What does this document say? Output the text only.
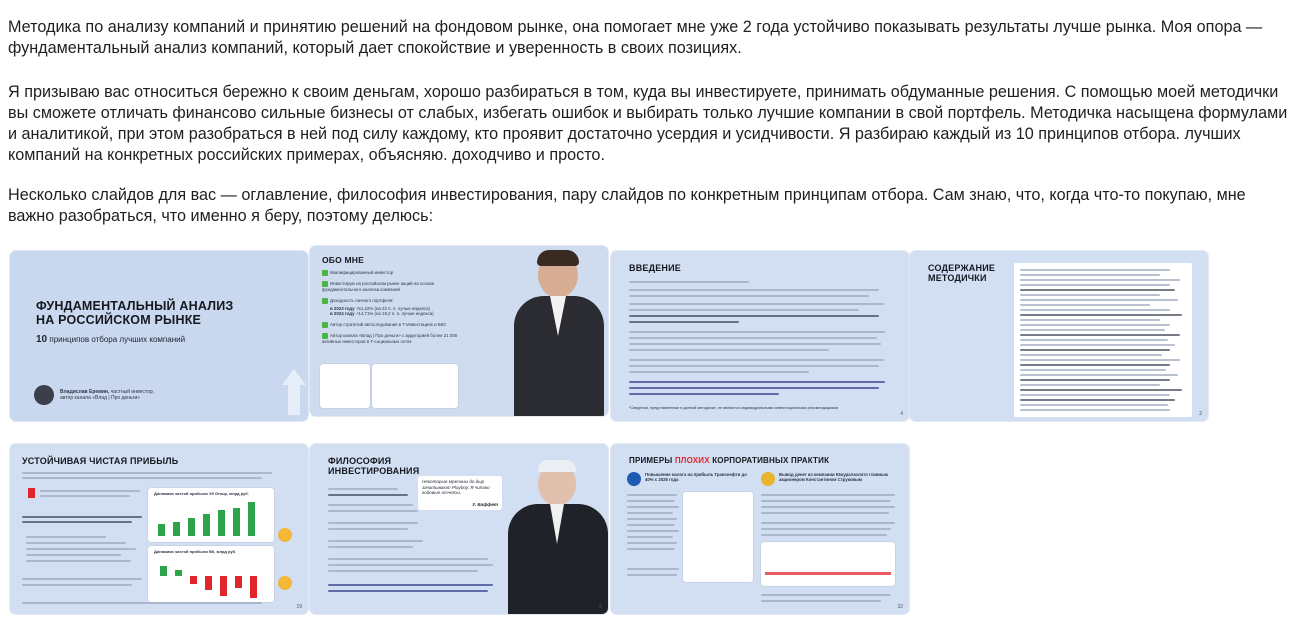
Методика по анализу компаний и принятию решений на фондовом рынке, она помогает мне уже 2 года устойчиво показывать результаты лучше рынка. Моя опора — фундаментальный анализ компаний, который дает спокойствие и уверенность в своих позициях.

Я призываю вас относиться бережно к своим деньгам, хорошо разбираться в том, куда вы инвестируете, принимать обдуманные решения. С помощью моей методички вы сможете отличать финансово сильные бизнесы от слабых, избегать ошибок и выбирать только лучшие компании в свой портфель. Методичка насыщена формулами и аналитикой, при этом разобраться в ней под силу каждому, кто проявит достаточно усердия и усидчивости. Я разбираю каждый из 10 принципов отбора. лучших компаний на конкретных российских примерах, объясняю. доходчиво и просто.

Несколько слайдов для вас — оглавление, философия инвестирования, пару слайдов по конкретным принципам отбора. Сам знаю, что, когда что-то покупаю, мне важно разобраться, что именно я беру, поэтому делюсь:

ФУНДАМЕНТАЛЬНЫЙ АНАЛИЗ
НА РОССИЙСКОМ РЫНКЕ
10 принципов отбора лучших компаний
Владислав Еремин, частный инвестор,
автор канала «Влад | Про деньги»
ОБО МНЕ
Квалифицированный инвестор
Инвестирую на российском рынке акций на основе фундаментального анализа компаний
Доходность личного портфеля:
в 2023 году +51,22% (на 22 п. п. лучше индекса)
в 2024 году +14,71% (на 19,2 п. п. лучше индекса)
Автор стратегий автоследования в Т-Инвестициях и БКС
Автор канала «Влад | Про деньги» с аудиторией более 21 000 активных инвесторов в Т-социальных сетях
ВВЕДЕНИЕ
*Сведения, представленные в данной методичке, не являются индивидуальными инвестиционными рекомендациями
4
СОДЕРЖАНИЕ
МЕТОДИЧКИ
2
УСТОЙЧИВАЯ ЧИСТАЯ ПРИБЫЛЬ
Динамика чистой прибыли X5 Group, млрд руб.
Динамика чистой прибыли ВК, млрд руб.
19
ФИЛОСОФИЯ
ИНВЕСТИРОВАНИЯ
Некоторые мужчины до дыр зачитывают Playboy. Я читаю годовые отчеты.
У. Баффет
6
ПРИМЕРЫ ПЛОХИХ КОРПОРАТИВНЫХ ПРАКТИК
Повышение налога на прибыль Транснефти до 40% с 2025 года
Вывод денег из компании Южуралзолото главным акционером Константином Струковым
32
